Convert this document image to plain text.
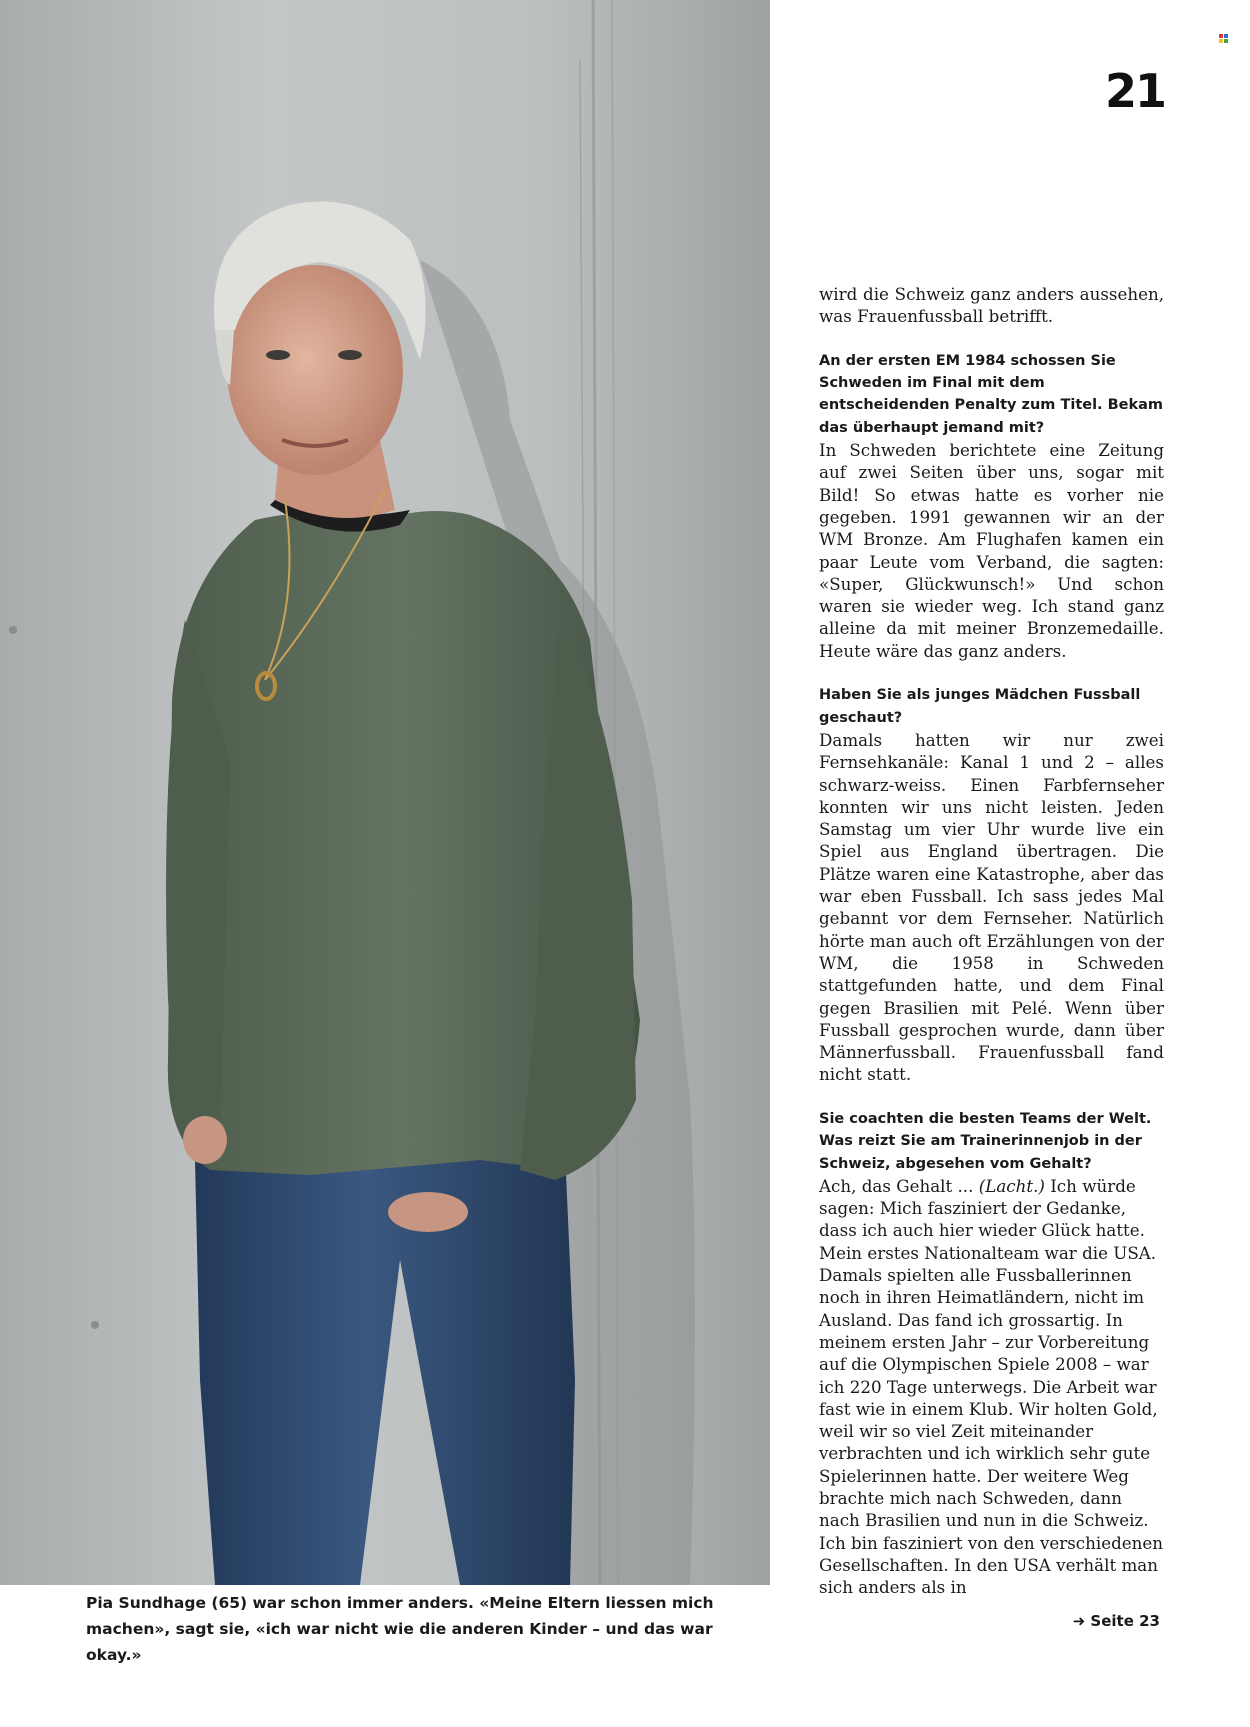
21
Pia Sundhage (65) war schon immer anders. «Meine Eltern liessen mich machen», sagt sie, «ich war nicht wie die anderen Kinder – und das war okay.»

wird die Schweiz ganz anders aussehen, was Frauenfussball betrifft.

An der ersten EM 1984 schossen Sie Schweden im Final mit dem entscheidenden Penalty zum Titel. Bekam das überhaupt jemand mit?

In Schweden berichtete eine Zeitung auf zwei Seiten über uns, sogar mit Bild! So etwas hatte es vorher nie gegeben. 1991 gewannen wir an der WM Bronze. Am Flughafen kamen ein paar Leute vom Verband, die sagten: «Super, Glückwunsch!» Und schon waren sie wieder weg. Ich stand ganz alleine da mit meiner Bronzemedaille. Heute wäre das ganz anders.

Haben Sie als junges Mädchen Fussball geschaut?

Damals hatten wir nur zwei Fernsehkanäle: Kanal 1 und 2 – alles schwarz-weiss. Einen Farbfernseher konnten wir uns nicht leisten. Jeden Samstag um vier Uhr wurde live ein Spiel aus England übertragen. Die Plätze waren eine Katastrophe, aber das war eben Fussball. Ich sass jedes Mal gebannt vor dem Fernseher. Natürlich hörte man auch oft Erzählungen von der WM, die 1958 in Schweden stattgefunden hatte, und dem Final gegen Brasilien mit Pelé. Wenn über Fussball gesprochen wurde, dann über Männerfussball. Frauenfussball fand nicht statt.

Sie coachten die besten Teams der Welt. Was reizt Sie am Trainerinnenjob in der Schweiz, abgesehen vom Gehalt?

Ach, das Gehalt ... (Lacht.) Ich würde sagen: Mich fasziniert der Gedanke, dass ich auch hier wieder Glück hatte. Mein erstes Nationalteam war die USA. Damals spielten alle Fussballerinnen noch in ihren Heimatländern, nicht im Ausland. Das fand ich grossartig. In meinem ersten Jahr – zur Vorbereitung auf die Olympischen Spiele 2008 – war ich 220 Tage unterwegs. Die Arbeit war fast wie in einem Klub. Wir holten Gold, weil wir so viel Zeit miteinander verbrachten und ich wirklich sehr gute Spielerinnen hatte. Der weitere Weg brachte mich nach Schweden, dann nach Brasilien und nun in die Schweiz. Ich bin fasziniert von den verschiedenen Gesellschaften. In den USA verhält man sich anders als in

➜ Seite 23
